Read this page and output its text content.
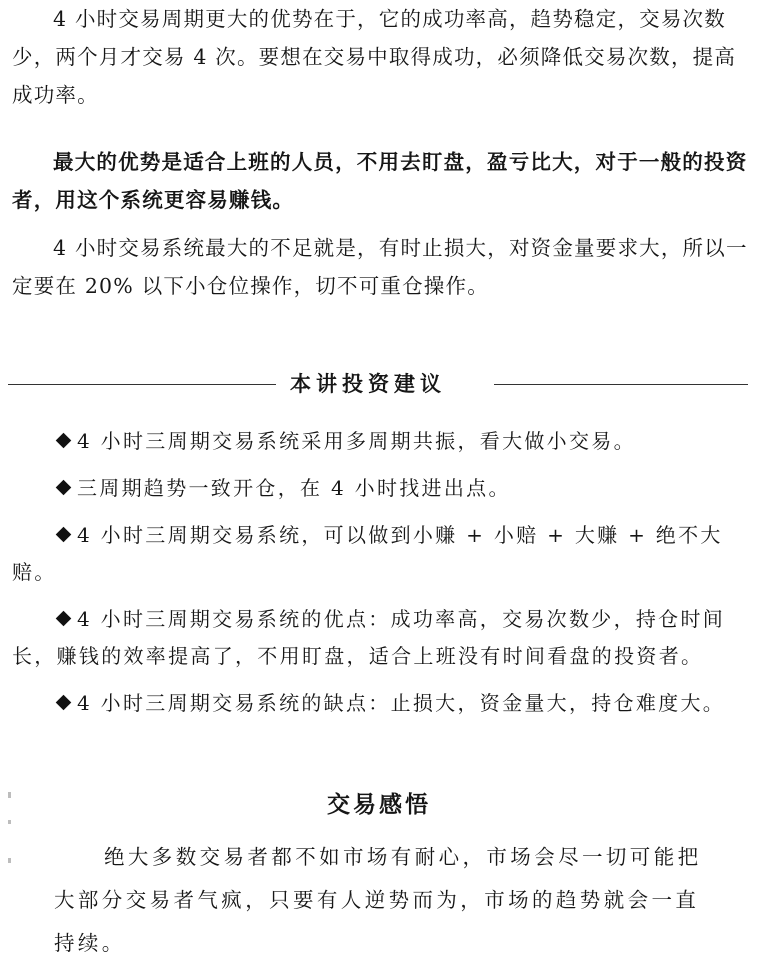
4 小时交易周期更大的优势在于，它的成功率高，趋势稳定，交易次数少，两个月才交易 4 次。要想在交易中取得成功，必须降低交易次数，提高成功率。

最大的优势是适合上班的人员，不用去盯盘，盈亏比大，对于一般的投资者，用这个系统更容易赚钱。

4 小时交易系统最大的不足就是，有时止损大，对资金量要求大，所以一定要在 20% 以下小仓位操作，切不可重仓操作。

本讲投资建议
4 小时三周期交易系统采用多周期共振，看大做小交易。
三周期趋势一致开仓，在 4 小时找进出点。
4 小时三周期交易系统，可以做到小赚 + 小赔 + 大赚 + 绝不大赔。
4 小时三周期交易系统的优点：成功率高，交易次数少，持仓时间长，赚钱的效率提高了，不用盯盘，适合上班没有时间看盘的投资者。
4 小时三周期交易系统的缺点：止损大，资金量大，持仓难度大。
交易感悟

绝大多数交易者都不如市场有耐心，市场会尽一切可能把大部分交易者气疯，只要有人逆势而为，市场的趋势就会一直持续。
